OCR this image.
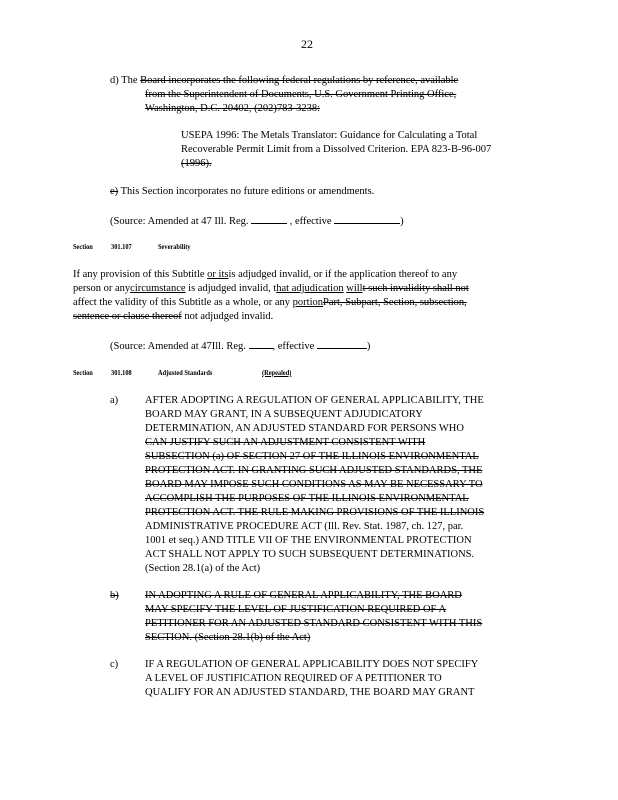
22
d) The Board incorporates the following federal regulations by reference, available
from the Superintendent of Documents, U.S. Government Printing Office,
Washington, D.C. 20402, (202)783-3238:
USEPA 1996: The Metals Translator: Guidance for Calculating a Total
Recoverable Permit Limit from a Dissolved Criterion. EPA 823-B-96-007
(1996).
e) This Section incorporates no future editions or amendments.
(Source: Amended at 47 Ill. Reg.	, effective	)
Section 301.107	Severability
If any provision of this Subtitle or itsis adjudged invalid, or if the application thereof to any
person or anycircumstance is adjudged invalid, that adjudication willt such invalidity shall not
affect the validity of this Subtitle as a whole, or any portionPart, Subpart, Section, subsection,
sentence or clause thereof not adjudged invalid.
(Source: Amended at 47Ill. Reg.	, effective	)
Section 301.108	Adjusted Standards	(Repealed)
a)	AFTER ADOPTING A REGULATION OF GENERAL APPLICABILITY, THE
BOARD MAY GRANT, IN A SUBSEQUENT ADJUDICATORY
DETERMINATION, AN ADJUSTED STANDARD FOR PERSONS WHO
CAN JUSTIFY SUCH AN ADJUSTMENT CONSISTENT WITH
SUBSECTION (a) OF SECTION 27 OF THE ILLINOIS ENVIRONMENTAL
PROTECTION ACT. IN GRANTING SUCH ADJUSTED STANDARDS, THE
BOARD MAY IMPOSE SUCH CONDITIONS AS MAY BE NECESSARY TO
ACCOMPLISH THE PURPOSES OF THE ILLINOIS ENVIRONMENTAL
PROTECTION ACT. THE RULE MAKING PROVISIONS OF THE ILLINOIS
ADMINISTRATIVE PROCEDURE ACT (Ill. Rev. Stat. 1987, ch. 127, par.
1001 et seq.) AND TITLE VII OF THE ENVIRONMENTAL PROTECTION
ACT SHALL NOT APPLY TO SUCH SUBSEQUENT DETERMINATIONS.
(Section 28.1(a) of the Act)
b)	IN ADOPTING A RULE OF GENERAL APPLICABILITY, THE BOARD
MAY SPECIFY THE LEVEL OF JUSTIFICATION REQUIRED OF A
PETITIONER FOR AN ADJUSTED STANDARD CONSISTENT WITH THIS
SECTION. (Section 28.1(b) of the Act)
c)	IF A REGULATION OF GENERAL APPLICABILITY DOES NOT SPECIFY
A LEVEL OF JUSTIFICATION REQUIRED OF A PETITIONER TO
QUALIFY FOR AN ADJUSTED STANDARD, THE BOARD MAY GRANT
